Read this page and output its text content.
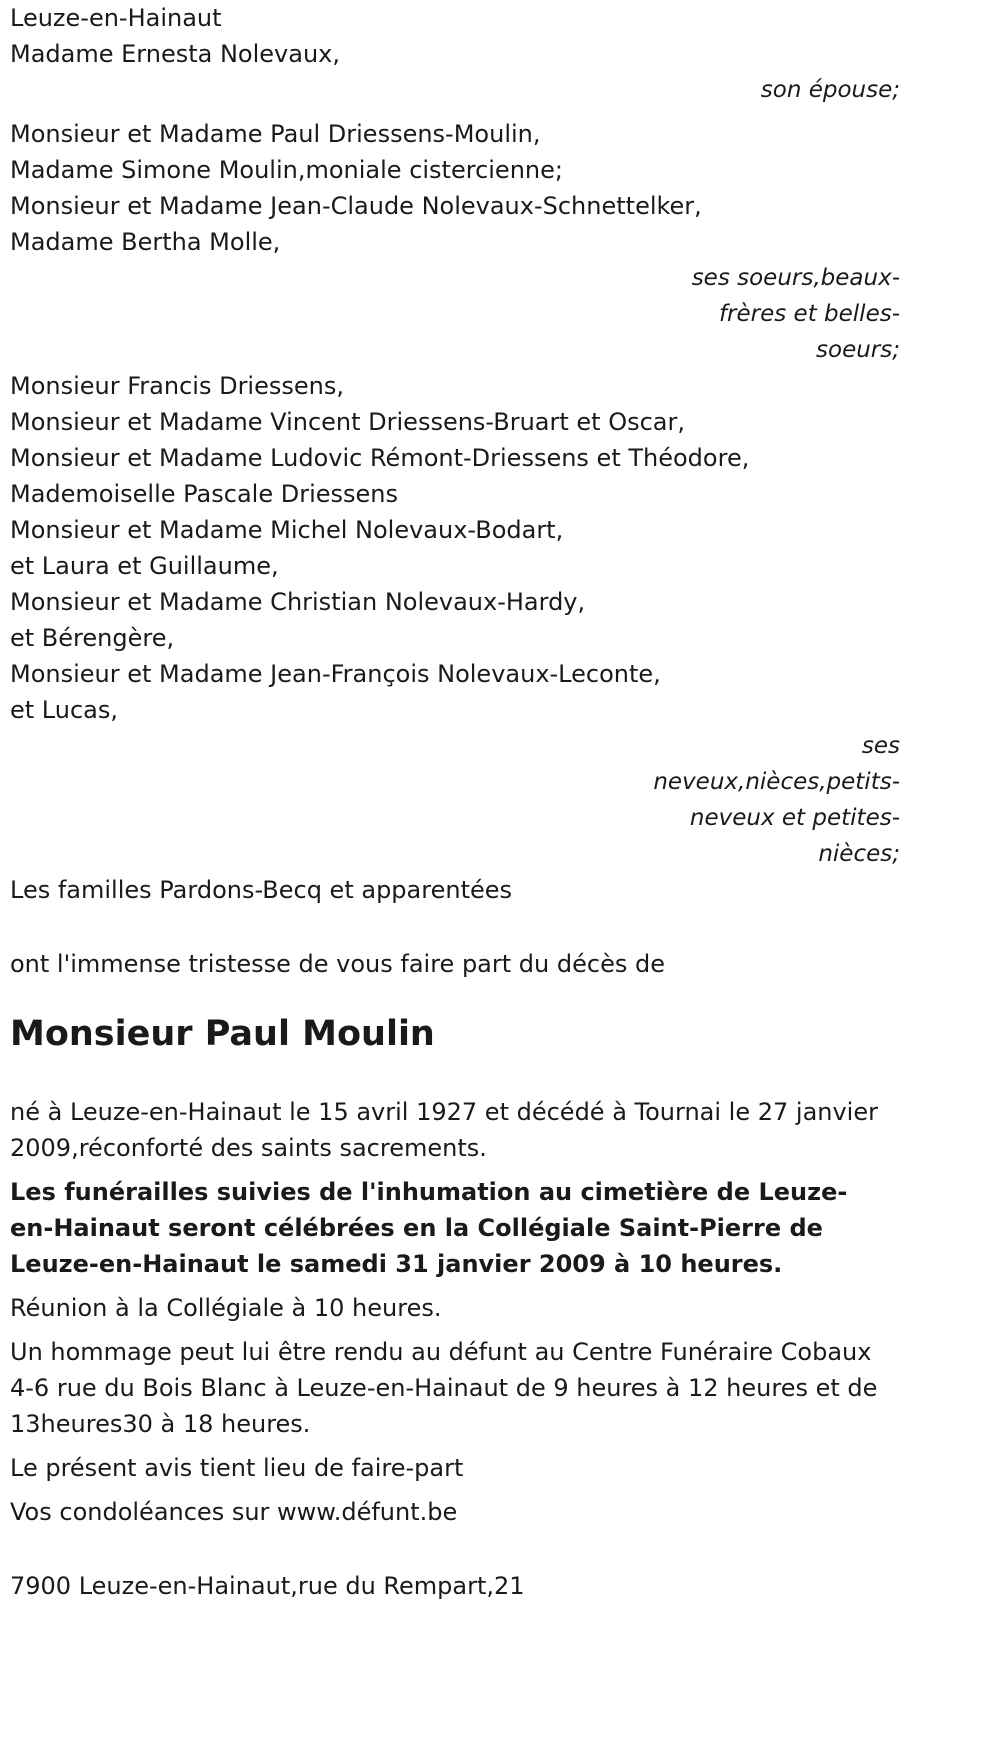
Leuze-en-Hainaut
Madame Ernesta Nolevaux,
son épouse;
Monsieur et Madame Paul Driessens-Moulin,
Madame Simone Moulin,moniale cistercienne;
Monsieur et Madame Jean-Claude Nolevaux-Schnettelker,
Madame Bertha Molle,
ses soeurs,beaux-
frères et belles-
soeurs;
Monsieur Francis Driessens,
Monsieur et Madame Vincent Driessens-Bruart et Oscar,
Monsieur et Madame Ludovic Rémont-Driessens et Théodore,
Mademoiselle Pascale Driessens
Monsieur et Madame Michel Nolevaux-Bodart,
et Laura et Guillaume,
Monsieur et Madame Christian Nolevaux-Hardy,
et Bérengère,
Monsieur et Madame Jean-François Nolevaux-Leconte,
et Lucas,
ses
neveux,nièces,petits-
neveux et petites-
nièces;
Les familles Pardons-Becq et apparentées
ont l'immense tristesse de vous faire part du décès de
Monsieur Paul Moulin

né à Leuze-en-Hainaut le 15 avril 1927 et décédé à Tournai le 27 janvier 2009,réconforté des saints sacrements.

Les funérailles suivies de l'inhumation au cimetière de Leuze-en-Hainaut seront célébrées en la Collégiale Saint-Pierre de Leuze-en-Hainaut le samedi 31 janvier 2009 à 10 heures.

Réunion à la Collégiale à 10 heures.

Un hommage peut lui être rendu au défunt au Centre Funéraire Cobaux 4-6 rue du Bois Blanc à Leuze-en-Hainaut de 9 heures à 12 heures et de 13heures30 à 18 heures.

Le présent avis tient lieu de faire-part

Vos condoléances sur www.défunt.be

7900 Leuze-en-Hainaut,rue du Rempart,21
